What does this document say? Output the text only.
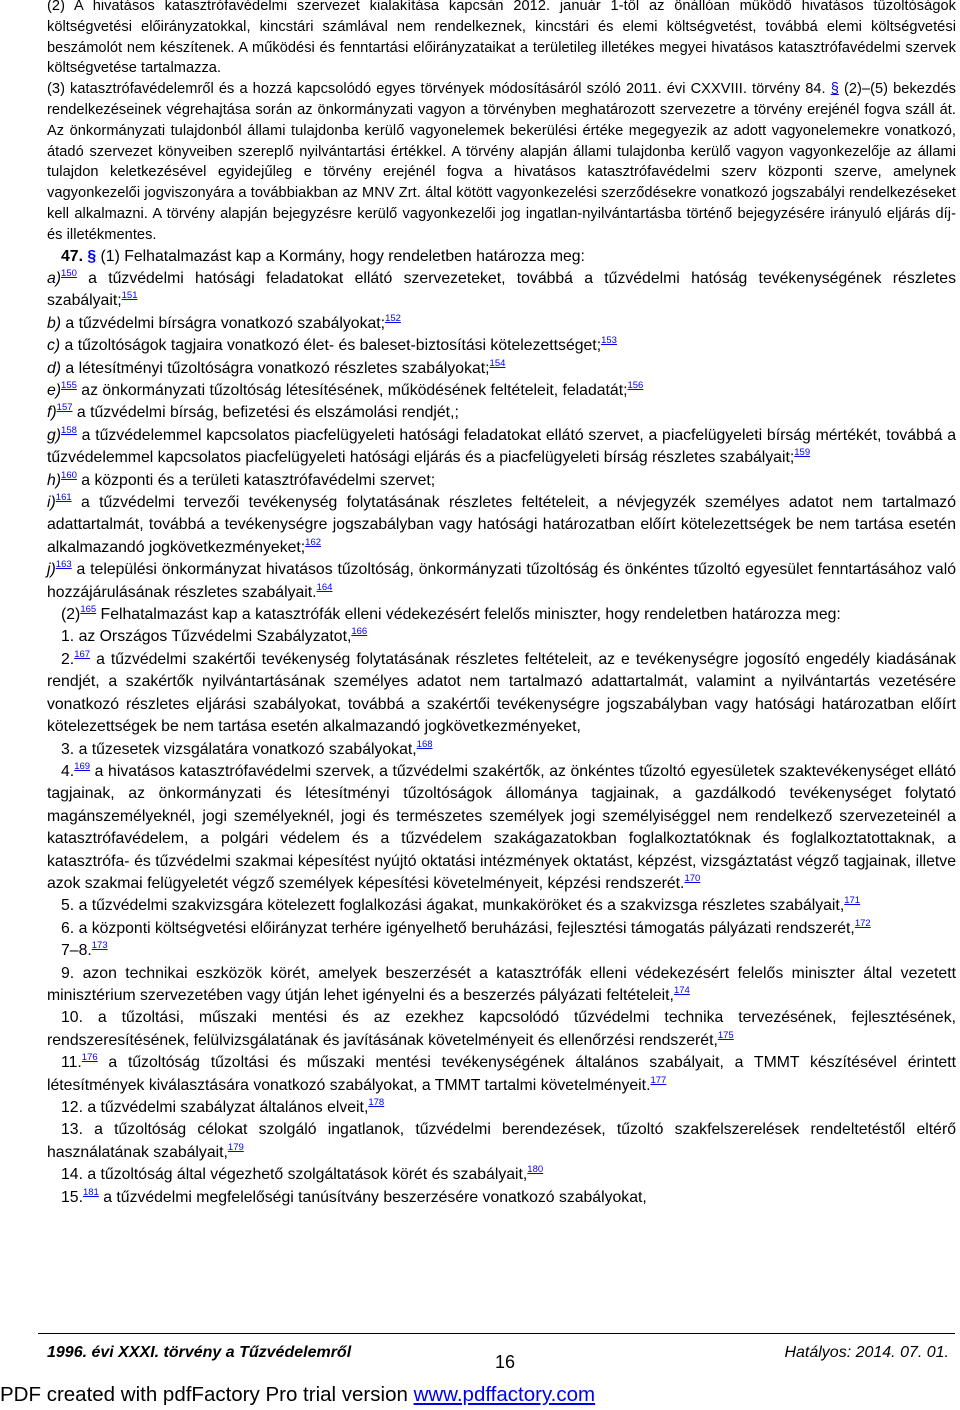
(2) A hivatásos katasztrófavédelmi szervezet kialakítása kapcsán 2012. január 1-től az önállóan működő hivatásos tűzoltóságok költségvetési előirányzatokkal, kincstári számlával nem rendelkeznek, kincstári és elemi költségvetést, továbbá elemi költségvetési beszámolót nem készítenek. A működési és fenntartási előirányzataikat a területileg illetékes megyei hivatásos katasztrófavédelmi szervek költségvetése tartalmazza.

(3) katasztrófavédelemről és a hozzá kapcsolódó egyes törvények módosításáról szóló 2011. évi CXXVIII. törvény 84. § (2)–(5) bekezdés rendelkezéseinek végrehajtása során az önkormányzati vagyon a törvényben meghatározott szervezetre a törvény erejénél fogva száll át. Az önkormányzati tulajdonból állami tulajdonba kerülő vagyonelemek bekerülési értéke megegyezik az adott vagyonelemekre vonatkozó, átadó szervezet könyveiben szereplő nyilvántartási értékkel. A törvény alapján állami tulajdonba kerülő vagyon vagyonkezelője az állami tulajdon keletkezésével egyidejűleg e törvény erejénél fogva a hivatásos katasztrófavédelmi szerv központi szerve, amelynek vagyonkezelői jogviszonyára a továbbiakban az MNV Zrt. által kötött vagyonkezelési szerződésekre vonatkozó jogszabályi rendelkezéseket kell alkalmazni. A törvény alapján bejegyzésre kerülő vagyonkezelői jog ingatlan-nyilvántartásba történő bejegyzésére irányuló eljárás díj- és illetékmentes.

47. § (1) Felhatalmazást kap a Kormány, hogy rendeletben határozza meg:

a)$^{150}$ a tűzvédelmi hatósági feladatokat ellátó szervezeteket, továbbá a tűzvédelmi hatóság tevékenységének részletes szabályait;$^{151}$

b) a tűzvédelmi bírságra vonatkozó szabályokat;$^{152}$

c) a tűzoltóságok tagjaira vonatkozó élet- és baleset-biztosítási kötelezettséget;$^{153}$

d) a létesítményi tűzoltóságra vonatkozó részletes szabályokat;$^{154}$

e)$^{155}$ az önkormányzati tűzoltóság létesítésének, működésének feltételeit, feladatát;$^{156}$

f)$^{157}$ a tűzvédelmi bírság, befizetési és elszámolási rendjét,;

g)$^{158}$ a tűzvédelemmel kapcsolatos piacfelügyeleti hatósági feladatokat ellátó szervet, a piacfelügyeleti bírság mértékét, továbbá a tűzvédelemmel kapcsolatos piacfelügyeleti hatósági eljárás és a piacfelügyeleti bírság részletes szabályait;$^{159}$

h)$^{160}$ a központi és a területi katasztrófavédelmi szervet;

i)$^{161}$ a tűzvédelmi tervezői tevékenység folytatásának részletes feltételeit, a névjegyzék személyes adatot nem tartalmazó adattartalmát, továbbá a tevékenységre jogszabályban vagy hatósági határozatban előírt kötelezettségek be nem tartása esetén alkalmazandó jogkövetkezményeket;$^{162}$

j)$^{163}$ a települési önkormányzat hivatásos tűzoltóság, önkormányzati tűzoltóság és önkéntes tűzoltó egyesület fenntartásához való hozzájárulásának részletes szabályait.$^{164}$

(2)$^{165}$ Felhatalmazást kap a katasztrófák elleni védekezésért felelős miniszter, hogy rendeletben határozza meg:

1. az Országos Tűzvédelmi Szabályzatot,$^{166}$

2.$^{167}$ a tűzvédelmi szakértői tevékenység folytatásának részletes feltételeit, az e tevékenységre jogosító engedély kiadásának rendjét, a szakértők nyilvántartásának személyes adatot nem tartalmazó adattartalmát, valamint a nyilvántartás vezetésére vonatkozó részletes eljárási szabályokat, továbbá a szakértői tevékenységre jogszabályban vagy hatósági határozatban előírt kötelezettségek be nem tartása esetén alkalmazandó jogkövetkezményeket,

3. a tűzesetek vizsgálatára vonatkozó szabályokat,$^{168}$

4.$^{169}$ a hivatásos katasztrófavédelmi szervek, a tűzvédelmi szakértők, az önkéntes tűzoltó egyesületek szaktevékenységet ellátó tagjainak, az önkormányzati és létesítményi tűzoltóságok állománya tagjainak, a gazdálkodó tevékenységet folytató magánszemélyeknél, jogi személyeknél, jogi és természetes személyek jogi személyiséggel nem rendelkező szervezeteinél a katasztrófavédelem, a polgári védelem és a tűzvédelem szakágazatokban foglalkoztatóknak és foglalkoztatottaknak, a katasztrófa- és tűzvédelmi szakmai képesítést nyújtó oktatási intézmények oktatást, képzést, vizsgáztatást végző tagjainak, illetve azok szakmai felügyeletét végző személyek képesítési követelményeit, képzési rendszerét.$^{170}$

5. a tűzvédelmi szakvizsgára kötelezett foglalkozási ágakat, munkaköröket és a szakvizsga részletes szabályait,$^{171}$

6. a központi költségvetési előirányzat terhére igényelhető beruházási, fejlesztési támogatás pályázati rendszerét,$^{172}$

7–8.$^{173}$

9. azon technikai eszközök körét, amelyek beszerzését a katasztrófák elleni védekezésért felelős miniszter által vezetett minisztérium szervezetében vagy útján lehet igényelni és a beszerzés pályázati feltételeit,$^{174}$

10. a tűzoltási, műszaki mentési és az ezekhez kapcsolódó tűzvédelmi technika tervezésének, fejlesztésének, rendszeresítésének, felülvizsgálatának és javításának követelményeit és ellenőrzési rendszerét,$^{175}$

11.$^{176}$ a tűzoltóság tűzoltási és műszaki mentési tevékenységének általános szabályait, a TMMT készítésével érintett létesítmények kiválasztására vonatkozó szabályokat, a TMMT tartalmi követelményeit.$^{177}$

12. a tűzvédelmi szabályzat általános elveit,$^{178}$

13. a tűzoltóság célokat szolgáló ingatlanok, tűzvédelmi berendezések, tűzoltó szakfelszerelések rendeltetéstől eltérő használatának szabályait,$^{179}$

14. a tűzoltóság által végezhető szolgáltatások körét és szabályait,$^{180}$

15.$^{181}$ a tűzvédelmi megfelelőségi tanúsítvány beszerzésére vonatkozó szabályokat,

1996. évi XXXI. törvény a Tűzvédelemről	16	Hatályos: 2014. 07. 01.
PDF created with pdfFactory Pro trial version www.pdffactory.com
